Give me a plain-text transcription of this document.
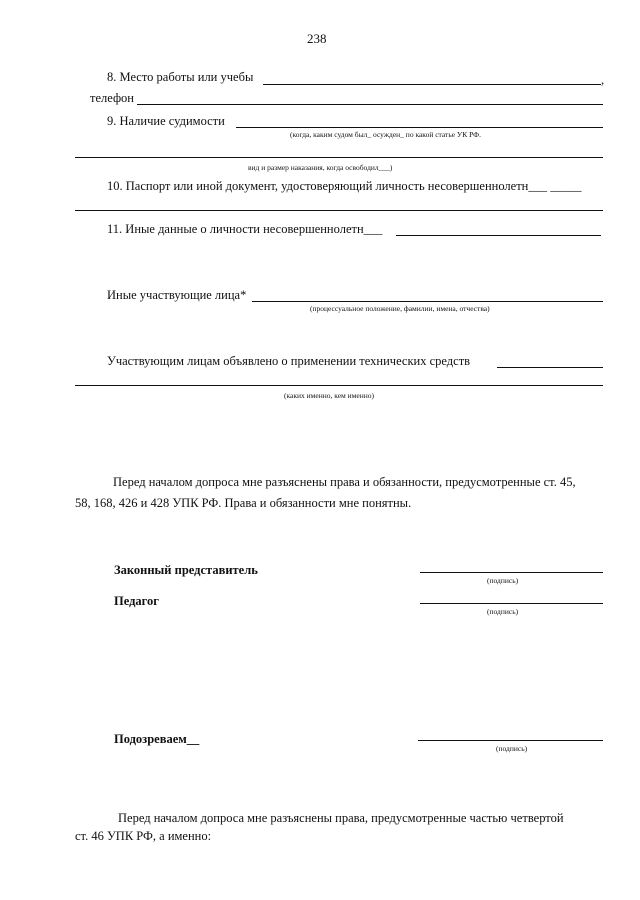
238
8. Место работы или учебы	,
телефон
9. Наличие судимости
(когда, каким судом был_ осужден_ по какой статье УК РФ.
вид и размер наказания, когда освободил___)
10. Паспорт или иной документ, удостоверяющий личность несовершеннолетн___ _____
11. Иные данные о личности несовершеннолетн___
Иные участвующие лица*
(процессуальное положение, фамилии, имена, отчества)
Участвующим лицам объявлено о применении технических средств
(каких именно, кем именно)
Перед началом допроса мне разъяснены права и обязанности, предусмотренные ст. 45,
58, 168, 426 и 428 УПК РФ. Права и обязанности мне понятны.
Законный представитель
(подпись)
Педагог
(подпись)
Подозреваем__
(подпись)
Перед началом допроса мне разъяснены права, предусмотренные частью четвертой
ст. 46 УПК РФ, а именно:
